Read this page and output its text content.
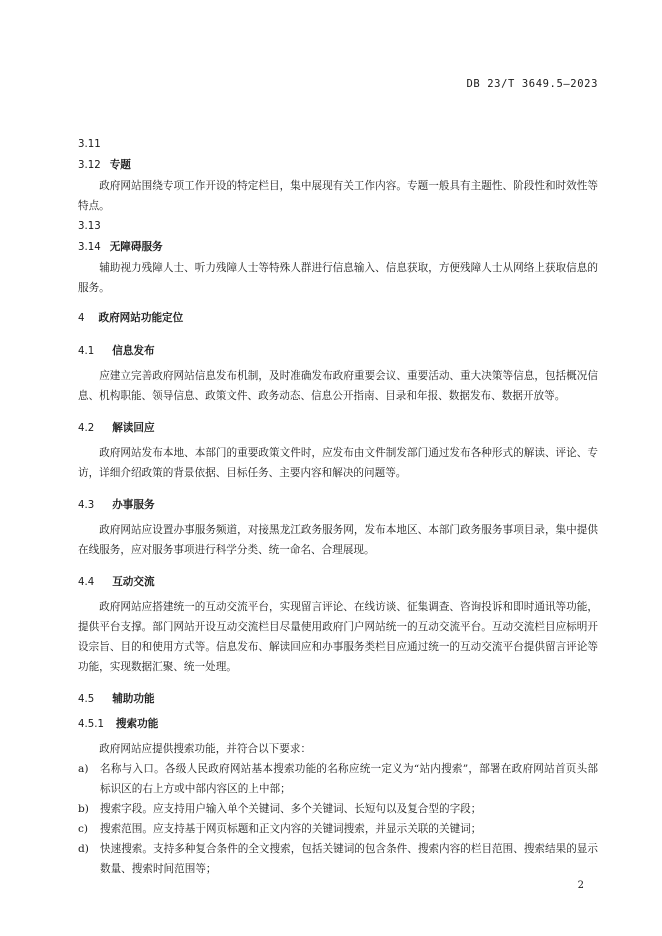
DB 23/T 3649.5—2023
3.11
3.12 专题

政府网站围绕专项工作开设的特定栏目，集中展现有关工作内容。专题一般具有主题性、阶段性和时效性等特点。

3.13
3.14 无障碍服务

辅助视力残障人士、听力残障人士等特殊人群进行信息输入、信息获取，方便残障人士从网络上获取信息的服务。

4 政府网站功能定位
4.1 信息发布

应建立完善政府网站信息发布机制，及时准确发布政府重要会议、重要活动、重大决策等信息，包括概况信息、机构职能、领导信息、政策文件、政务动态、信息公开指南、目录和年报、数据发布、数据开放等。

4.2 解读回应

政府网站发布本地、本部门的重要政策文件时，应发布由文件制发部门通过发布各种形式的解读、评论、专访，详细介绍政策的背景依据、目标任务、主要内容和解决的问题等。

4.3 办事服务

政府网站应设置办事服务频道，对接黑龙江政务服务网，发布本地区、本部门政务服务事项目录，集中提供在线服务，应对服务事项进行科学分类、统一命名、合理展现。

4.4 互动交流

政府网站应搭建统一的互动交流平台，实现留言评论、在线访谈、征集调查、咨询投诉和即时通讯等功能，提供平台支撑。部门网站开设互动交流栏目尽量使用政府门户网站统一的互动交流平台。互动交流栏目应标明开设宗旨、目的和使用方式等。信息发布、解读回应和办事服务类栏目应通过统一的互动交流平台提供留言评论等功能，实现数据汇聚、统一处理。

4.5 辅助功能
4.5.1 搜索功能

政府网站应提供搜索功能，并符合以下要求：

a)	名称与入口。各级人民政府网站基本搜索功能的名称应统一定义为“站内搜索”，部署在政府网站首页头部标识区的右上方或中部内容区的上中部；
b)	搜索字段。应支持用户输入单个关键词、多个关键词、长短句以及复合型的字段；
c)	搜索范围。应支持基于网页标题和正文内容的关键词搜索，并显示关联的关键词；
d)	快速搜索。支持多种复合条件的全文搜索，包括关键词的包含条件、搜索内容的栏目范围、搜索结果的显示数量、搜索时间范围等；
2
